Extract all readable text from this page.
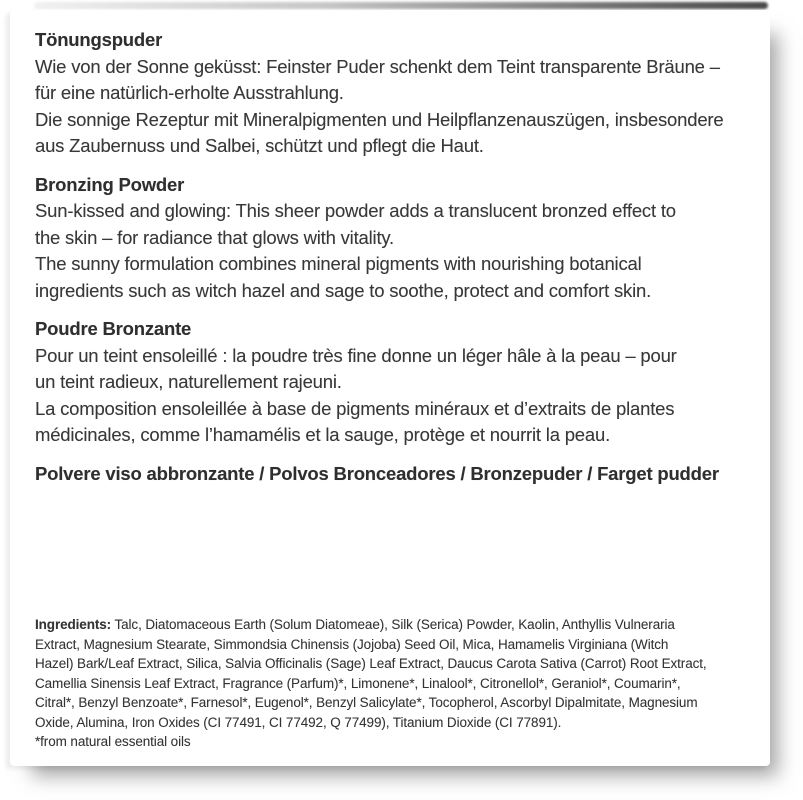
Tönungspuder
Wie von der Sonne geküsst: Feinster Puder schenkt dem Teint transparente Bräune –
für eine natürlich-erholte Ausstrahlung.
Die sonnige Rezeptur mit Mineralpigmenten und Heilpflanzenauszügen, insbesondere
aus Zaubernuss und Salbei, schützt und pflegt die Haut.
Bronzing Powder
Sun-kissed and glowing: This sheer powder adds a translucent bronzed effect to
the skin – for radiance that glows with vitality.
The sunny formulation combines mineral pigments with nourishing botanical
ingredients such as witch hazel and sage to soothe, protect and comfort skin.
Poudre Bronzante
Pour un teint ensoleillé : la poudre très fine donne un léger hâle à la peau – pour
un teint radieux, naturellement rajeuni.
La composition ensoleillée à base de pigments minéraux et d’extraits de plantes
médicinales, comme l’hamamélis et la sauge, protège et nourrit la peau.
Polvere viso abbronzante / Polvos Bronceadores / Bronzepuder / Farget pudder
Ingredients: Talc, Diatomaceous Earth (Solum Diatomeae), Silk (Serica) Powder, Kaolin, Anthyllis Vulneraria
Extract, Magnesium Stearate, Simmondsia Chinensis (Jojoba) Seed Oil, Mica, Hamamelis Virginiana (Witch
Hazel) Bark/Leaf Extract, Silica, Salvia Officinalis (Sage) Leaf Extract, Daucus Carota Sativa (Carrot) Root Extract,
Camellia Sinensis Leaf Extract, Fragrance (Parfum)*, Limonene*, Linalool*, Citronellol*, Geraniol*, Coumarin*,
Citral*, Benzyl Benzoate*, Farnesol*, Eugenol*, Benzyl Salicylate*, Tocopherol, Ascorbyl Dipalmitate, Magnesium
Oxide, Alumina, Iron Oxides (CI 77491, CI 77492, Q 77499), Titanium Dioxide (CI 77891).
*from natural essential oils
